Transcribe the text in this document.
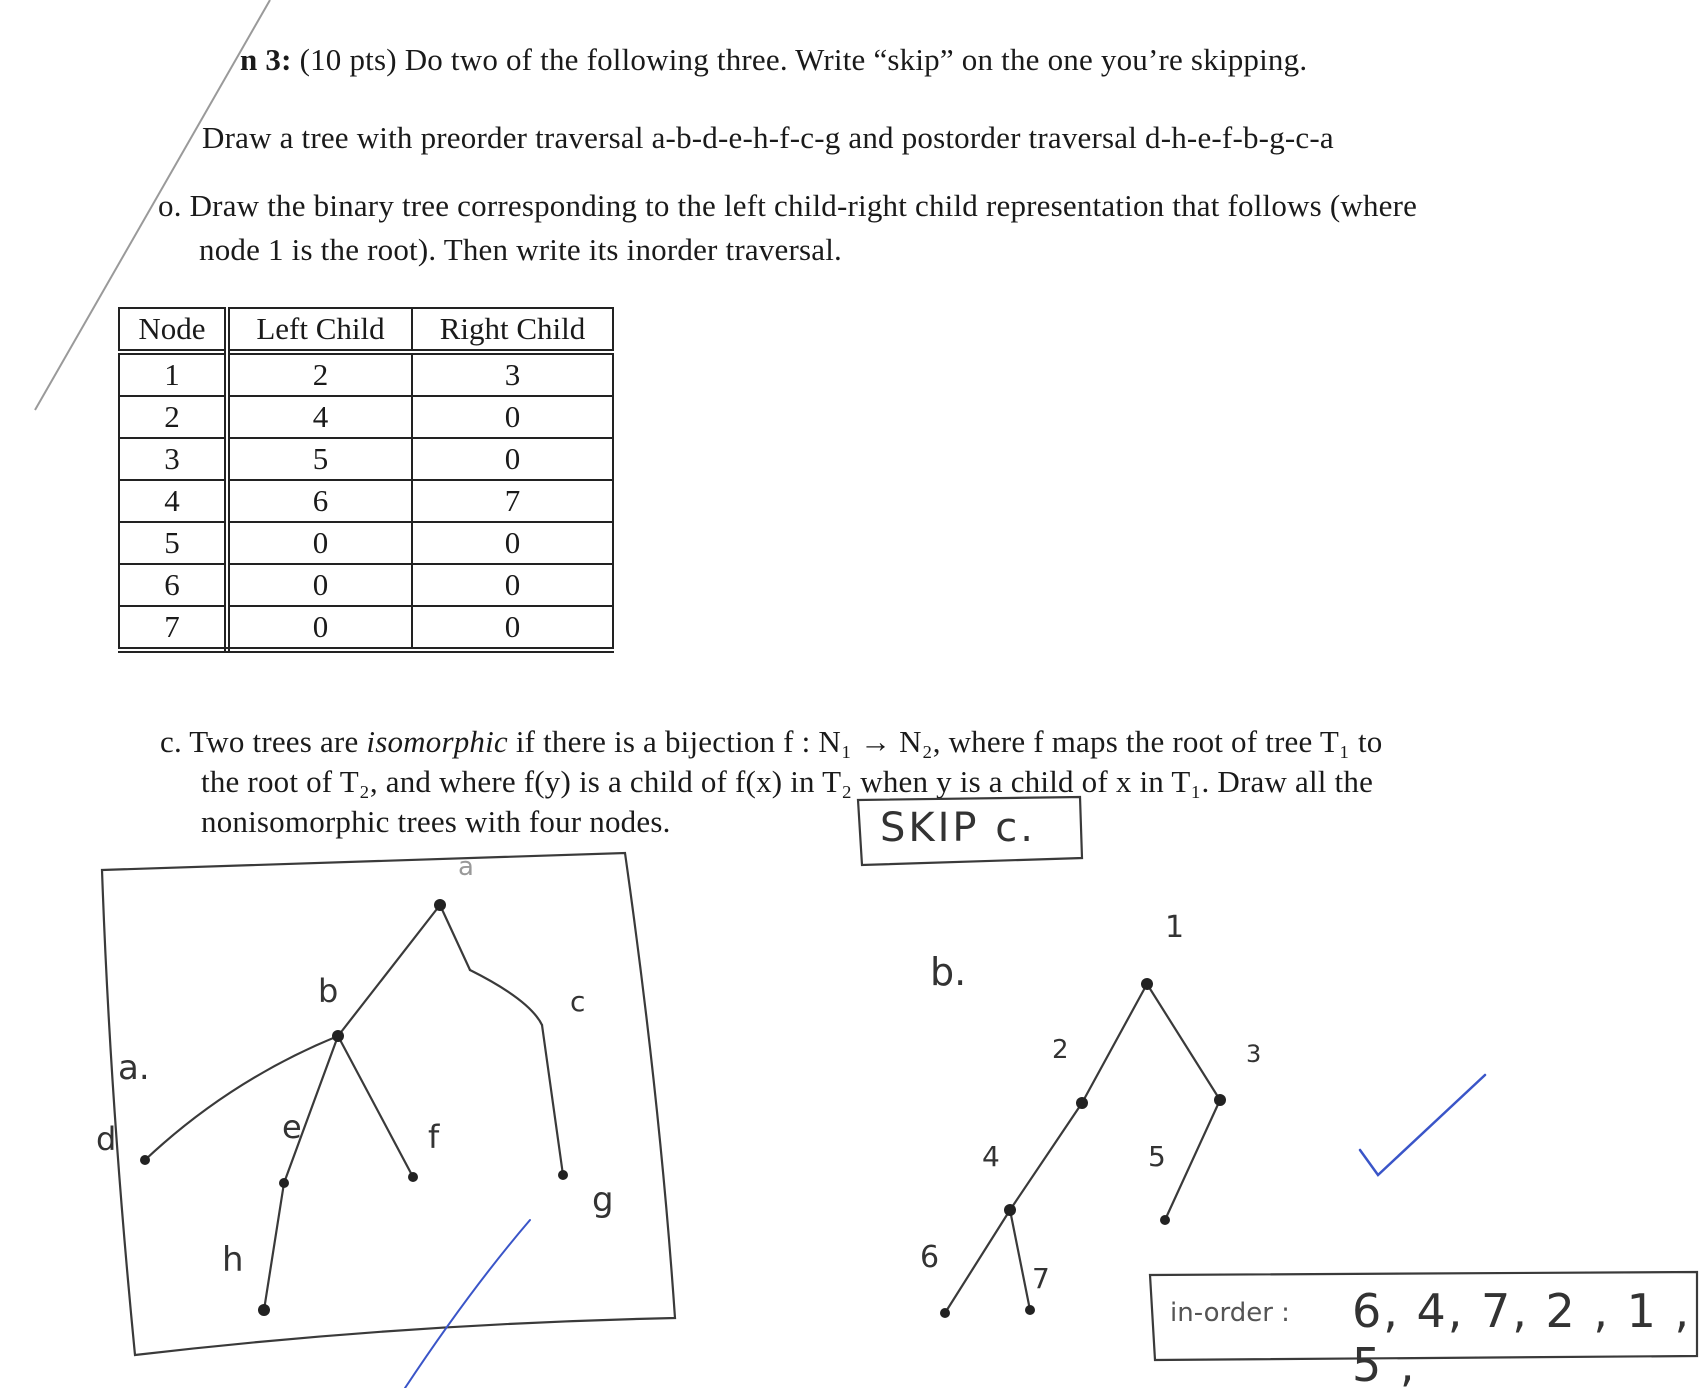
n 3: (10 pts) Do two of the following three. Write “skip” on the one you’re skipping.
Draw a tree with preorder traversal a-b-d-e-h-f-c-g and postorder traversal d-h-e-f-b-g-c-a
o. Draw the binary tree corresponding to the left child-right child representation that follows (where
node 1 is the root). Then write its inorder traversal.
Node	Left Child	Right Child
1	2	3
2	4	0
3	5	0
4	6	7
5	0	0
6	0	0
7	0	0
c. Two trees are isomorphic if there is a bijection f : N₁ → N₂, where f maps the root of tree T₁ to
the root of T₂, and where f(y) is a child of f(x) in T₂ when y is a child of x in T₁. Draw all the
nonisomorphic trees with four nodes.	SKIP c.
a.
b.
a
b	c
d	e	f
g
h
1
2	3
4	5
6
7
in-order : 6, 4, 7, 2 , 1 , 5 ,
